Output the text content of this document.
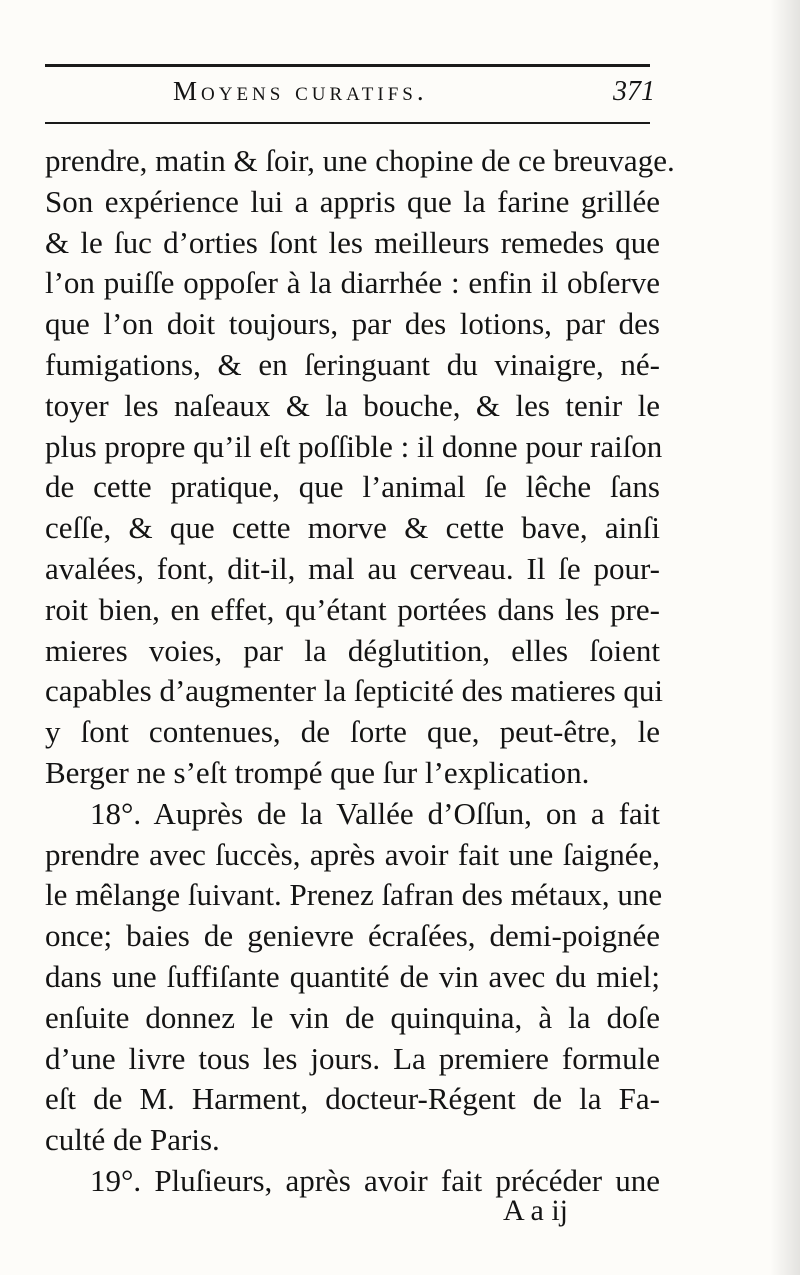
Moyens curatifs.	371
prendre, matin & ſoir, une chopine de ce breuvage.
Son expérience lui a appris que la farine grillée
& le ſuc d’orties ſont les meilleurs remedes que
l’on puiſſe oppoſer à la diarrhée : enfin il obſerve
que l’on doit toujours, par des lotions, par des
fumigations, & en ſeringuant du vinaigre, né-
toyer les naſeaux & la bouche, & les tenir le
plus propre qu’il eſt poſſible : il donne pour raiſon
de cette pratique, que l’animal ſe lêche ſans
ceſſe, & que cette morve & cette bave, ainſi
avalées, font, dit-il, mal au cerveau. Il ſe pour-
roit bien, en effet, qu’étant portées dans les pre-
mieres voies, par la déglutition, elles ſoient
capables d’augmenter la ſepticité des matieres qui
y ſont contenues, de ſorte que, peut-être, le
Berger ne s’eſt trompé que ſur l’explication.
18°. Auprès de la Vallée d’Oſſun, on a fait
prendre avec ſuccès, après avoir fait une ſaignée,
le mêlange ſuivant. Prenez ſafran des métaux, une
once; baies de genievre écraſées, demi-poignée
dans une ſuffiſante quantité de vin avec du miel;
enſuite donnez le vin de quinquina, à la doſe
d’une livre tous les jours. La premiere formule
eſt de M. Harment, docteur-Régent de la Fa-
culté de Paris.
19°. Pluſieurs, après avoir fait précéder une
A a ij
